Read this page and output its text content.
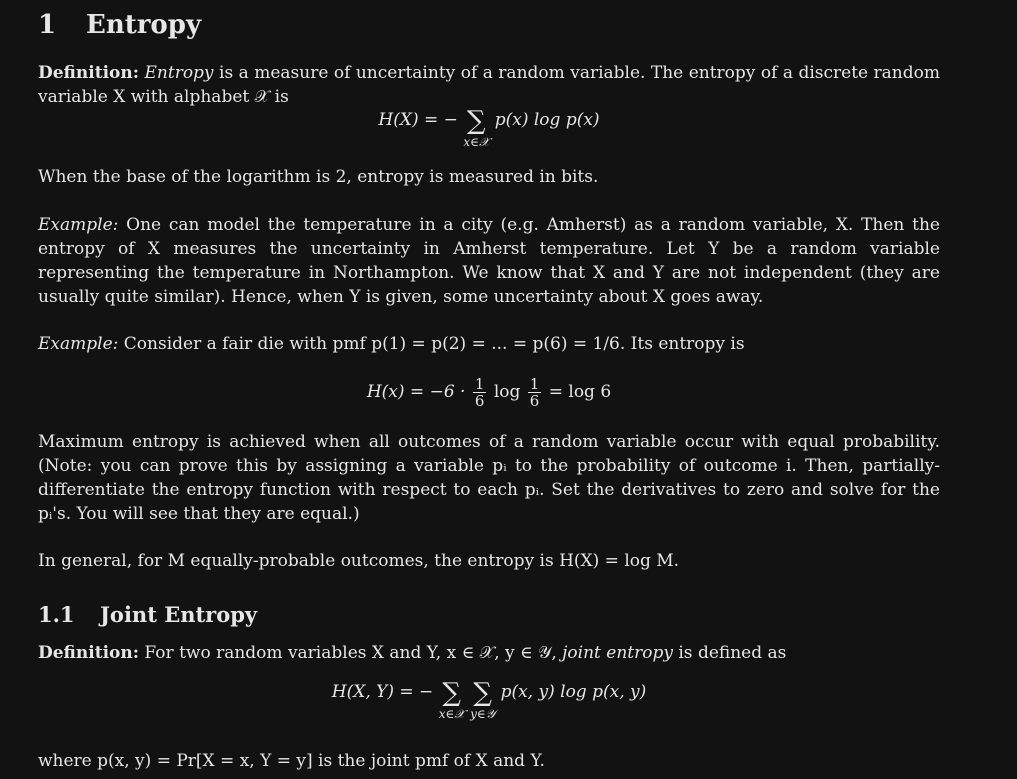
1 Entropy

Definition: Entropy is a measure of uncertainty of a random variable. The entropy of a discrete random variable X with alphabet 𝒳 is

H(X) = − ∑
x∈𝒳
p(x) log p(x)

When the base of the logarithm is 2, entropy is measured in bits.

Example: One can model the temperature in a city (e.g. Amherst) as a random variable, X. Then the entropy of X measures the uncertainty in Amherst temperature. Let Y be a random variable representing the temperature in Northampton. We know that X and Y are not independent (they are usually quite similar). Hence, when Y is given, some uncertainty about X goes away.

Example: Consider a fair die with pmf p(1) = p(2) = ... = p(6) = 1/6. Its entropy is

$H(x) = -6 \cdot \frac{1}{6}$ $\log \frac{1}{6} = \log 6$

Maximum entropy is achieved when all outcomes of a random variable occur with equal probability. (Note: you can prove this by assigning a variable pᵢ to the probability of outcome i. Then, partially-differentiate the entropy function with respect to each pᵢ. Set the derivatives to zero and solve for the pᵢ's. You will see that they are equal.)

In general, for M equally-probable outcomes, the entropy is H(X) = log M.

1.1 Joint Entropy

Definition: For two random variables X and Y, x ∈ 𝒳, y ∈ 𝒴, joint entropy is defined as

H(X, Y) = − ∑
x∈𝒳

∑
y∈𝒴
p(x, y) log p(x, y)

where p(x, y) = Pr[X = x, Y = y] is the joint pmf of X and Y.
